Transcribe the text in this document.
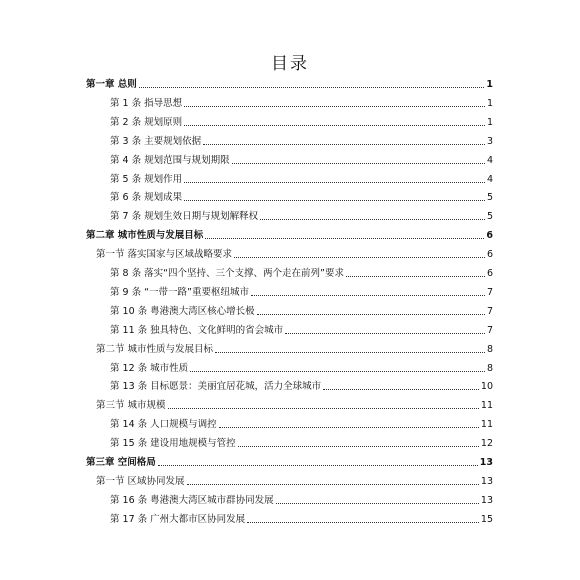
目录
第一章 总则	1
第 1 条 指导思想	1
第 2 条 规划原则	1
第 3 条 主要规划依据	3
第 4 条 规划范围与规划期限	4
第 5 条 规划作用	4
第 6 条 规划成果	5
第 7 条 规划生效日期与规划解释权	5
第二章 城市性质与发展目标	6
第一节 落实国家与区域战略要求	6
第 8 条 落实“四个坚持、三个支撑、两个走在前列”要求	6
第 9 条 “一带一路”重要枢纽城市	7
第 10 条 粤港澳大湾区核心增长极	7
第 11 条 独具特色、文化鲜明的省会城市	7
第二节 城市性质与发展目标	8
第 12 条 城市性质	8
第 13 条 目标愿景：美丽宜居花城，活力全球城市	10
第三节 城市规模	11
第 14 条 人口规模与调控	11
第 15 条 建设用地规模与管控	12
第三章 空间格局	13
第一节 区域协同发展	13
第 16 条 粤港澳大湾区城市群协同发展	13
第 17 条 广州大都市区协同发展	15
